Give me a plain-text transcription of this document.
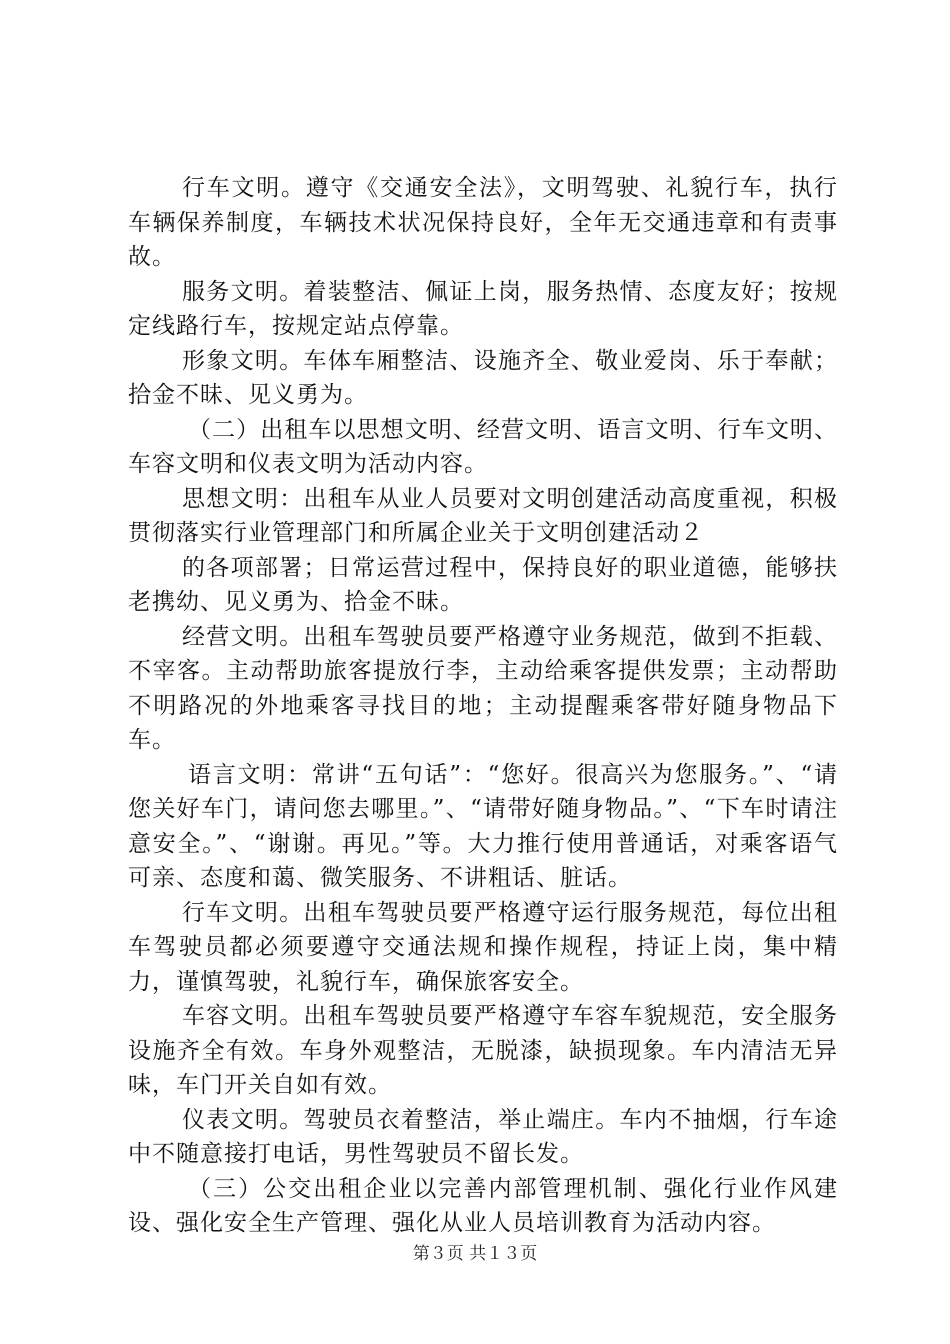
行车文明。遵守《交通安全法》，文明驾驶、礼貌行车，执行车辆保养制度，车辆技术状况保持良好，全年无交通违章和有责事故。

服务文明。着装整洁、佩证上岗，服务热情、态度友好；按规定线路行车，按规定站点停靠。

形象文明。车体车厢整洁、设施齐全、敬业爱岗、乐于奉献；拾金不昧、见义勇为。

（二）出租车以思想文明、经营文明、语言文明、行车文明、车容文明和仪表文明为活动内容。

思想文明：出租车从业人员要对文明创建活动高度重视，积极贯彻落实行业管理部门和所属企业关于文明创建活动２

的各项部署；日常运营过程中，保持良好的职业道德，能够扶老携幼、见义勇为、拾金不昧。

经营文明。出租车驾驶员要严格遵守业务规范，做到不拒载、不宰客。主动帮助旅客提放行李，主动给乘客提供发票；主动帮助不明路况的外地乘客寻找目的地；主动提醒乘客带好随身物品下车。

语言文明：常讲“五句话”：“您好。很高兴为您服务。”、“请您关好车门，请问您去哪里。”、“请带好随身物品。”、“下车时请注意安全。”、“谢谢。再见。”等。大力推行使用普通话，对乘客语气可亲、态度和蔼、微笑服务、不讲粗话、脏话。

行车文明。出租车驾驶员要严格遵守运行服务规范，每位出租车驾驶员都必须要遵守交通法规和操作规程，持证上岗，集中精力，谨慎驾驶，礼貌行车，确保旅客安全。

车容文明。出租车驾驶员要严格遵守车容车貌规范，安全服务设施齐全有效。车身外观整洁，无脱漆，缺损现象。车内清洁无异味，车门开关自如有效。

仪表文明。驾驶员衣着整洁，举止端庄。车内不抽烟，行车途中不随意接打电话，男性驾驶员不留长发。

（三）公交出租企业以完善内部管理机制、强化行业作风建设、强化安全生产管理、强化从业人员培训教育为活动内容。

第３页 共１３页
